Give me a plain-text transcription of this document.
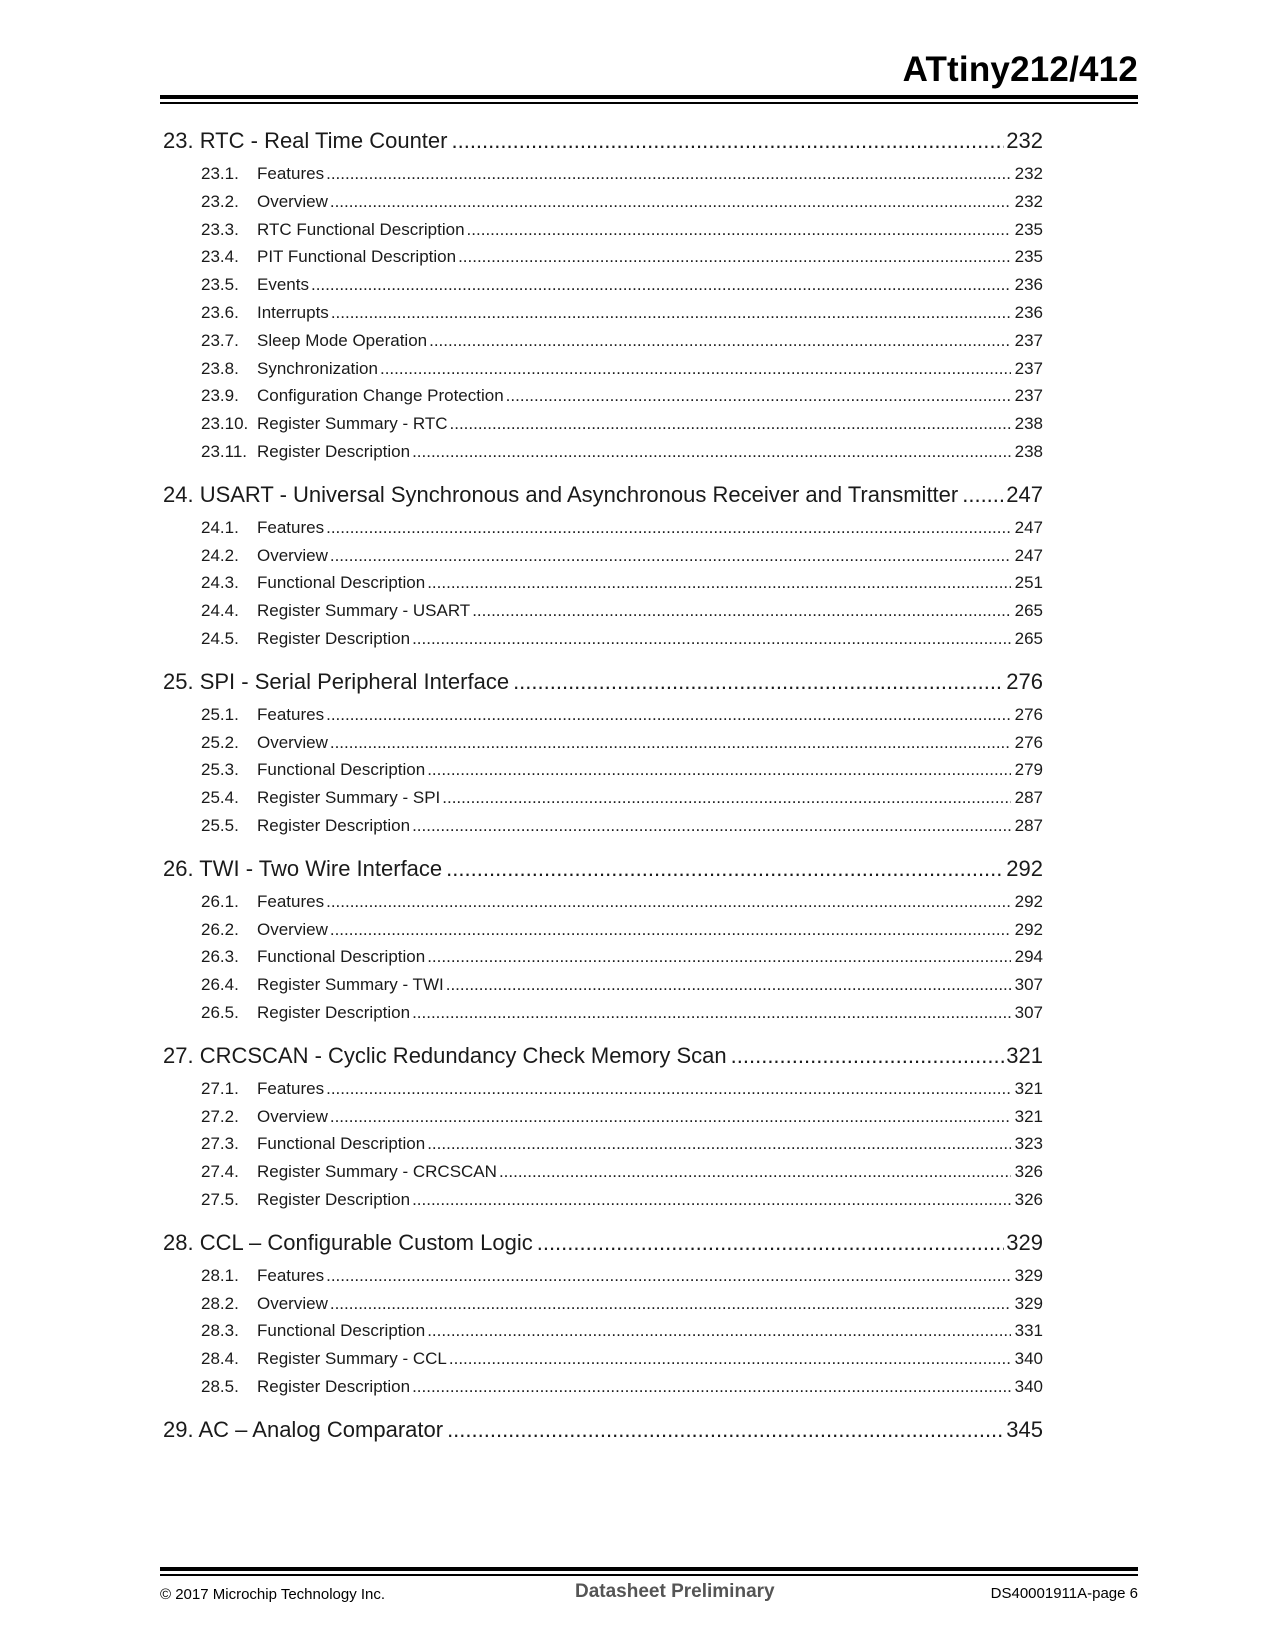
ATtiny212/412
23. RTC - Real Time Counter .....	232
23.1.	Features .....	232
23.2.	Overview .....	232
23.3.	RTC Functional Description .....	235
23.4.	PIT Functional Description .....	235
23.5.	Events .....	236
23.6.	Interrupts .....	236
23.7.	Sleep Mode Operation .....	237
23.8.	Synchronization .....	237
23.9.	Configuration Change Protection .....	237
23.10. Register Summary - RTC .....	238
23.11. Register Description .....	238
24. USART - Universal Synchronous and Asynchronous Receiver and Transmitter ..... 247
24.1.	Features .....	247
24.2.	Overview .....	247
24.3.	Functional Description .....	251
24.4.	Register Summary - USART .....	265
24.5.	Register Description .....	265
25. SPI - Serial Peripheral Interface .....	276
25.1.	Features .....	276
25.2.	Overview .....	276
25.3.	Functional Description .....	279
25.4.	Register Summary - SPI .....	287
25.5.	Register Description .....	287
26. TWI - Two Wire Interface .....	292
26.1.	Features .....	292
26.2.	Overview .....	292
26.3.	Functional Description .....	294
26.4.	Register Summary - TWI .....	307
26.5.	Register Description .....	307
27. CRCSCAN - Cyclic Redundancy Check Memory Scan .....	321
27.1.	Features .....	321
27.2.	Overview .....	321
27.3.	Functional Description .....	323
27.4.	Register Summary - CRCSCAN .....	326
27.5.	Register Description .....	326
28. CCL – Configurable Custom Logic .....	329
28.1.	Features .....	329
28.2.	Overview .....	329
28.3.	Functional Description .....	331
28.4.	Register Summary - CCL .....	340
28.5.	Register Description .....	340
29. AC – Analog Comparator .....	345
© 2017 Microchip Technology Inc.	Datasheet Preliminary	DS40001911A-page 6
